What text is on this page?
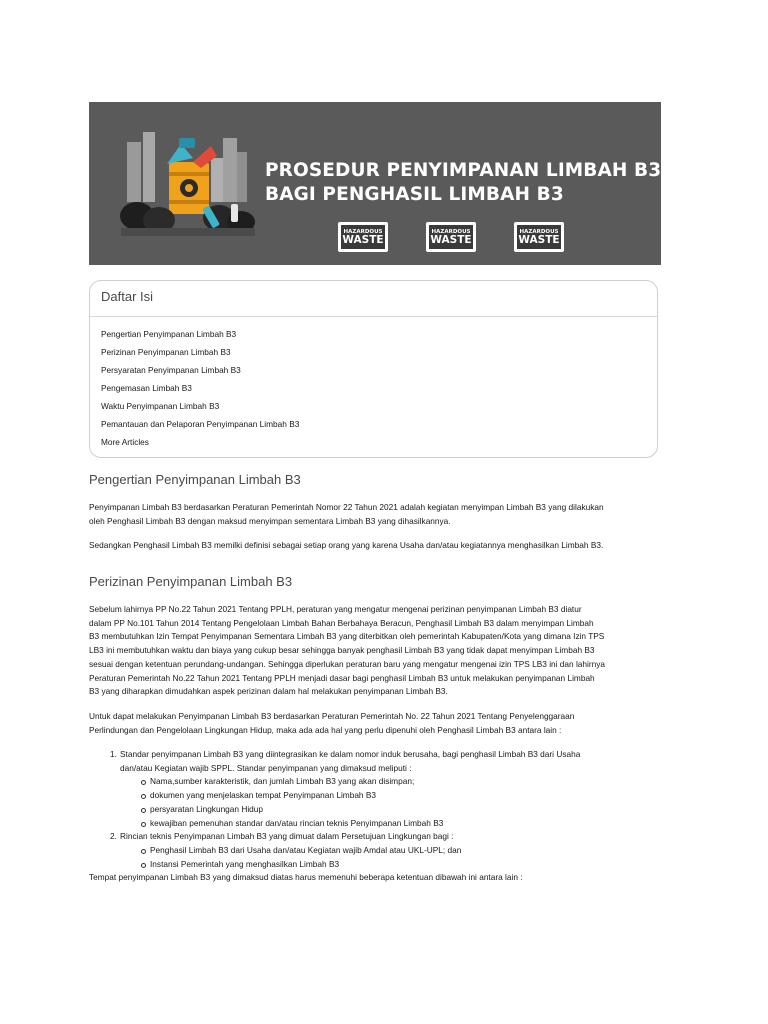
PROSEDUR PENYIMPANAN LIMBAH B3
BAGI PENGHASIL LIMBAH B3
HAZARDOUS
WASTE
HAZARDOUS
WASTE
HAZARDOUS
WASTE
Daftar Isi
Pengertian Penyimpanan Limbah B3
Perizinan Penyimpanan Limbah B3
Persyaratan Penyimpanan Limbah B3
Pengemasan Limbah B3
Waktu Penyimpanan Limbah B3
Pemantauan dan Pelaporan Penyimpanan Limbah B3
More Articles
Pengertian Penyimpanan Limbah B3
Penyimpanan Limbah B3 berdasarkan Peraturan Pemerintah Nomor 22 Tahun 2021 adalah kegiatan menyimpan Limbah B3 yang dilakukan
oleh Penghasil Limbah B3 dengan maksud menyimpan sementara Limbah B3 yang dihasilkannya.
Sedangkan Penghasil Limbah B3 memilki definisi sebagai setiap orang yang karena Usaha dan/atau kegiatannya menghasilkan Limbah B3.
Perizinan Penyimpanan Limbah B3
Sebelum lahirnya PP No.22 Tahun 2021 Tentang PPLH, peraturan yang mengatur mengenai perizinan penyimpanan Limbah B3 diatur
dalam PP No.101 Tahun 2014 Tentang Pengelolaan Limbah Bahan Berbahaya Beracun, Penghasil Limbah B3 dalam menyimpan Limbah
B3 membutuhkan Izin Tempat Penyimpanan Sementara Limbah B3 yang diterbitkan oleh pemerintah Kabupaten/Kota yang dimana Izin TPS
LB3 ini membutuhkan waktu dan biaya yang cukup besar sehingga banyak penghasil Limbah B3 yang tidak dapat menyimpan Limbah B3
sesuai dengan ketentuan perundang-undangan. Sehingga diperlukan peraturan baru yang mengatur mengenai izin TPS LB3 ini dan lahirnya
Peraturan Pemerintah No.22 Tahun 2021 Tentang PPLH menjadi dasar bagi penghasil Limbah B3 untuk melakukan penyimpanan Limbah
B3 yang diharapkan dimudahkan aspek perizinan dalam hal melakukan penyimpanan Limbah B3.
Untuk dapat melakukan Penyimpanan Limbah B3 berdasarkan Peraturan Pemerintah No. 22 Tahun 2021 Tentang Penyelenggaraan
Perlindungan dan Pengelolaan Lingkungan Hidup, maka ada ada hal yang perlu dipenuhi oleh Penghasil Limbah B3 antara lain :
1. Standar penyimpanan Limbah B3 yang diintegrasikan ke dalam nomor induk berusaha, bagi penghasil Limbah B3 dari Usaha
dan/atau Kegiatan wajib SPPL. Standar penyimpanan yang dimaksud meliputi :
Nama,sumber karakteristik, dan jumlah Limbah B3 yang akan disimpan;
dokumen yang menjelaskan tempat Penyimpanan Limbah B3
persyaratan Lingkungan Hidup
kewajiban pemenuhan standar dan/atau rincian teknis Penyimpanan Limbah B3
2. Rincian teknis Penyimpanan Limbah B3 yang dimuat dalam Persetujuan Lingkungan bagi :
Penghasil Limbah B3 dari Usaha dan/atau Kegiatan wajib Amdal atau UKL-UPL; dan
Instansi Pemerintah yang menghasilkan Limbah B3
Tempat penyimpanan Limbah B3 yang dimaksud diatas harus memenuhi beberapa ketentuan dibawah ini antara lain :
